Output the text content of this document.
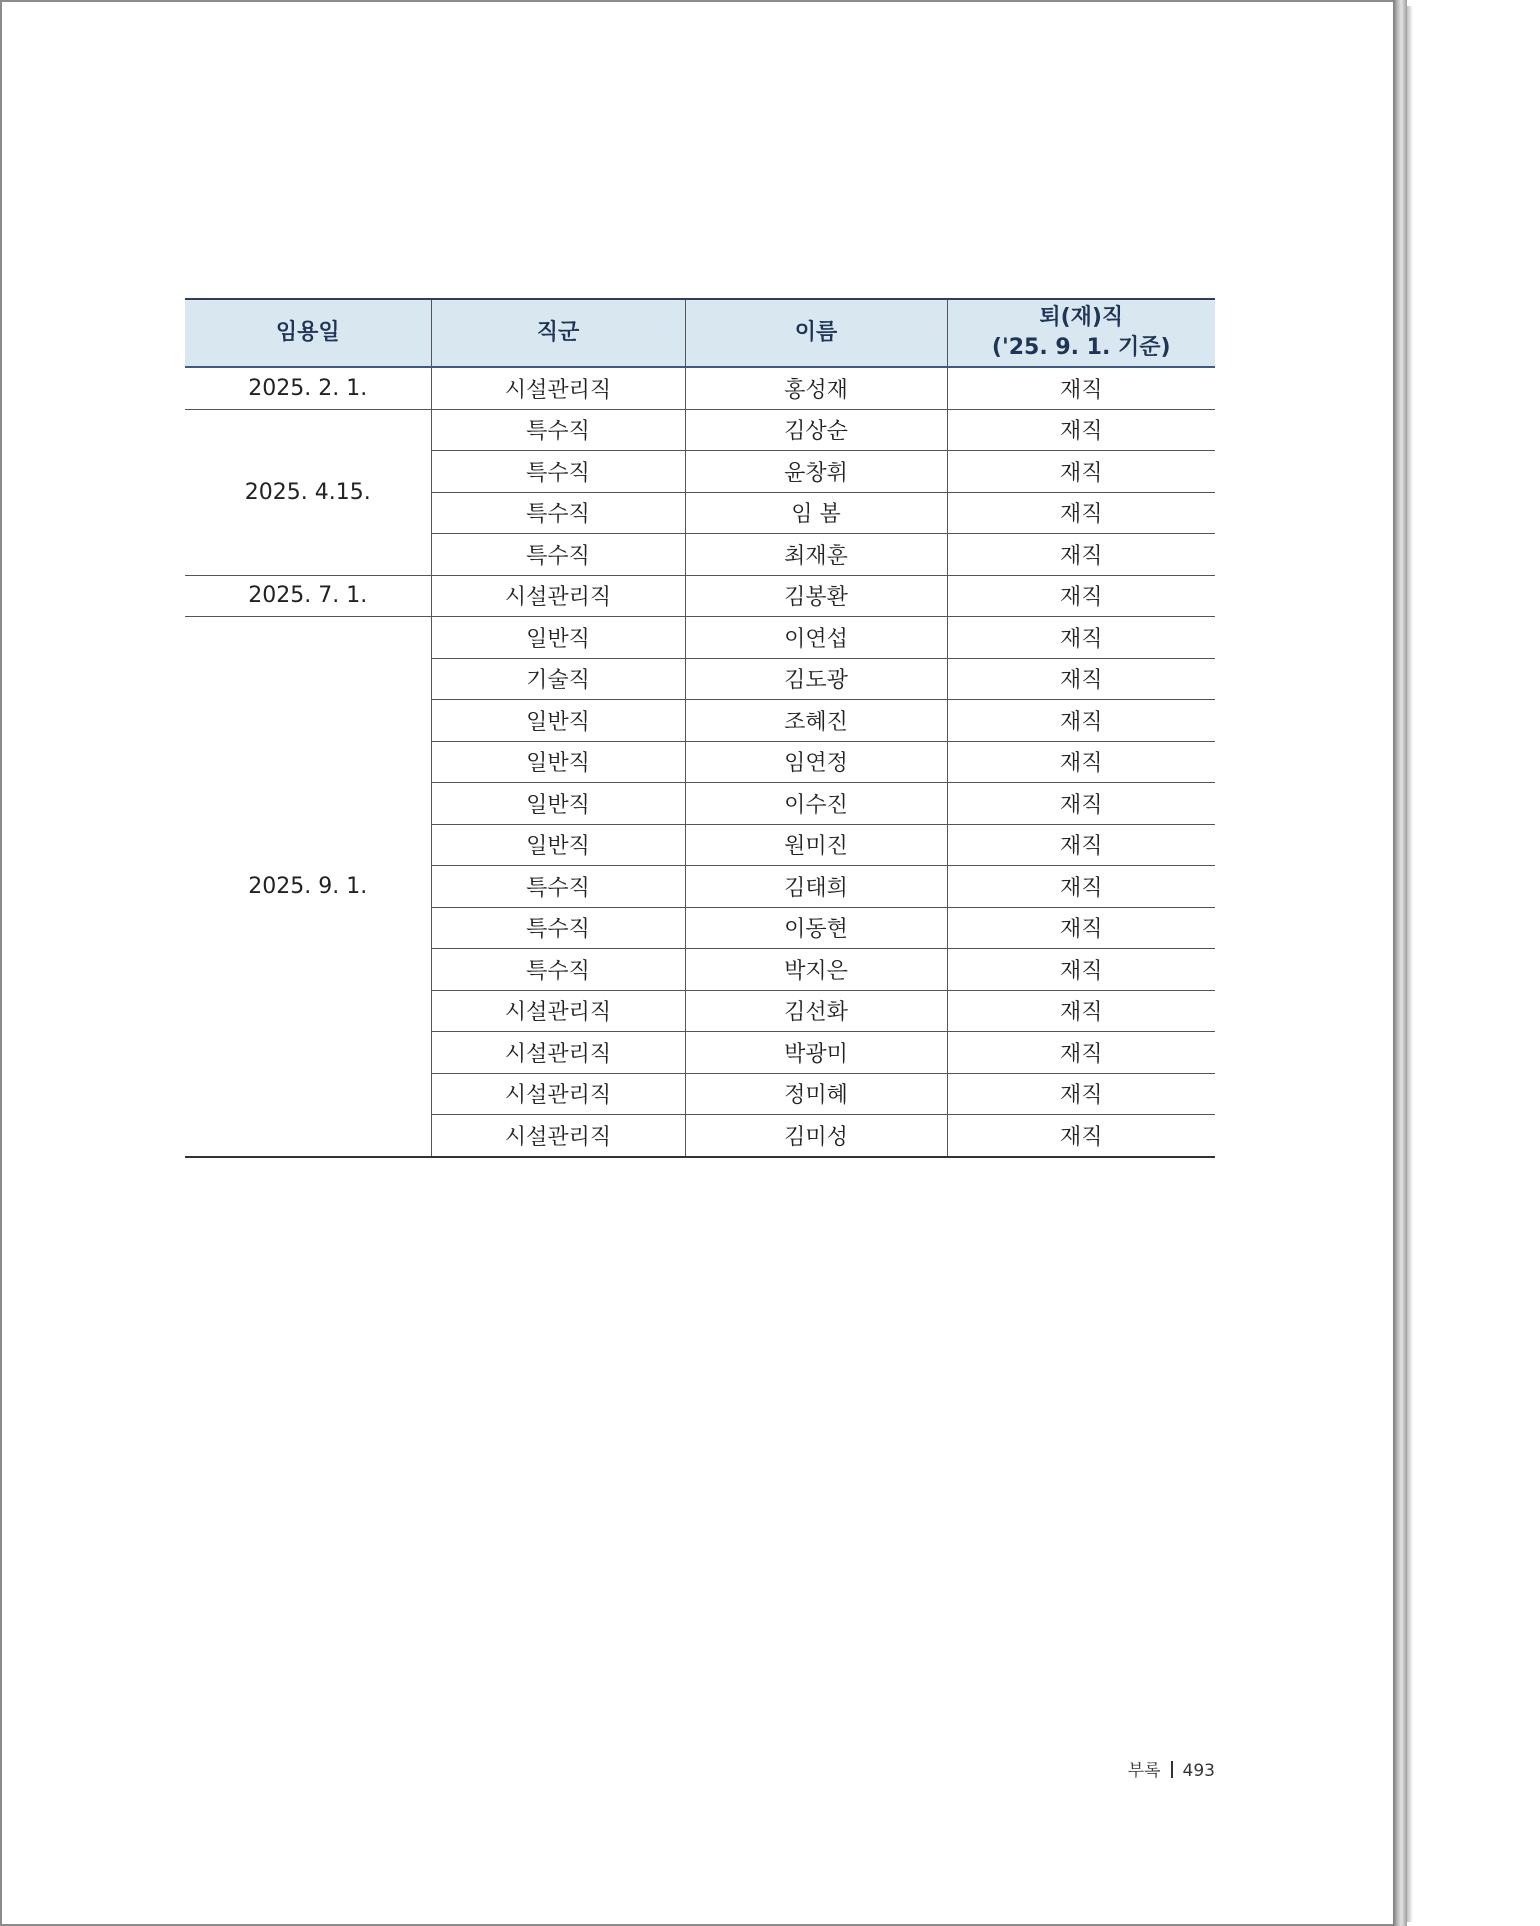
임용일	직군	이름	퇴(재)직
('25. 9. 1. 기준)
2025. 2. 1.	시설관리직	홍성재	재직
2025. 4.15.	특수직	김상순	재직
	특수직	윤창휘	재직
	특수직	임 봄	재직
	특수직	최재훈	재직
2025. 7. 1.	시설관리직	김봉환	재직
2025. 9. 1.	일반직	이연섭	재직
	기술직	김도광	재직
	일반직	조혜진	재직
	일반직	임연정	재직
	일반직	이수진	재직
	일반직	원미진	재직
	특수직	김태희	재직
	특수직	이동현	재직
	특수직	박지은	재직
	시설관리직	김선화	재직
	시설관리직	박광미	재직
	시설관리직	정미혜	재직
	시설관리직	김미성	재직
부록 493
